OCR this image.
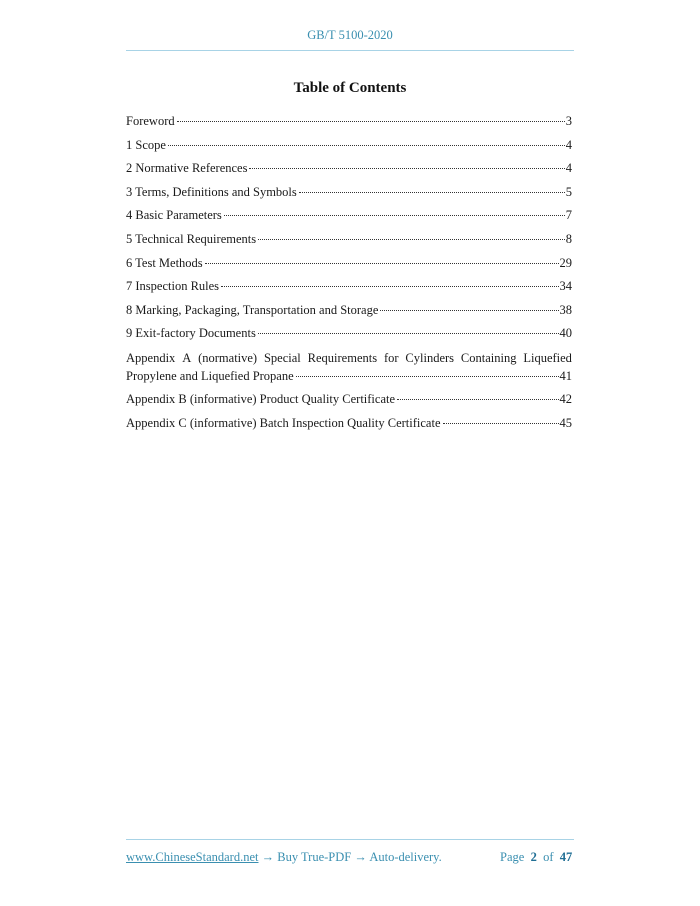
GB/T 5100-2020
Table of Contents
Foreword	3
1 Scope	4
2 Normative References	4
3 Terms, Definitions and Symbols	5
4 Basic Parameters	7
5 Technical Requirements	8
6 Test Methods	29
7 Inspection Rules	34
8 Marking, Packaging, Transportation and Storage	38
9 Exit-factory Documents	40
Appendix A (normative) Special Requirements for Cylinders Containing Liquefied
Propylene and Liquefied Propane	41
Appendix B (informative) Product Quality Certificate	42
Appendix C (informative) Batch Inspection Quality Certificate	45
www.ChineseStandard.net → Buy True-PDF → Auto-delivery.	Page 2 of 47
